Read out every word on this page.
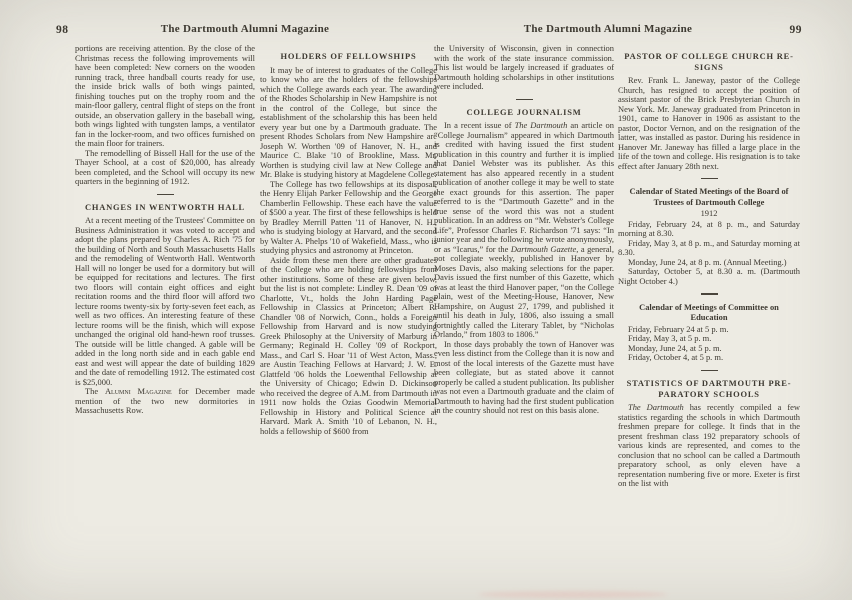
98	The Dartmouth Alumni Magazine	The Dartmouth Alumni Magazine	99
portions are receiving attention. By the close of the Christmas recess the following improvements will have been completed: New corners on the wooden running track, three handball courts ready for use, the inside brick walls of both wings painted, finishing touches put on the trophy room and the main-floor gallery, central flight of steps on the front outside, an observation gallery in the baseball wing, both wings lighted with tungsten lamps, a ventilator fan in the locker-room, and two offices furnished on the main floor for trainers.
The remodelling of Bissell Hall for the use of the Thayer School, at a cost of $20,000, has already been completed, and the School will occupy its new quarters in the beginning of 1912.
CHANGES IN WENTWORTH HALL
At a recent meeting of the Trustees' Committee on Business Administration it was voted to accept and adopt the plans prepared by Charles A. Rich '75 for the building of North and South Massachusetts Halls and the remodeling of Wentworth Hall. Wentworth Hall will no longer be used for a dormitory but will be equipped for recitations and lectures. The first two floors will contain eight offices and eight recitation rooms and the third floor will afford two lecture rooms twenty-six by forty-seven feet each, as well as two offices. An interesting feature of these lecture rooms will be the finish, which will expose unchanged the original old hand-hewn roof trusses. The outside will be little changed. A gable will be added in the long north side and in each gable end east and west will appear the date of building 1829 and the date of remodelling 1912. The estimated cost is $25,000.
The Alumni Magazine for December made mention of the two new dormitories in Massachusetts Row.
HOLDERS OF FELLOWSHIPS
It may be of interest to graduates of the College to know who are the holders of the fellowships which the College awards each year. The awarding of the Rhodes Scholarship in New Hampshire is not in the control of the College, but since the establishment of the scholarship this has been held every year but one by a Dartmouth graduate. The present Rhodes Scholars from New Hampshire are Joseph W. Worthen '09 of Hanover, N. H., and Maurice C. Blake '10 of Brookline, Mass. Mr. Worthen is studying civil law at New College and Mr. Blake is studying history at Magdelene College.
The College has two fellowships at its disposal, the Henry Elijah Parker Fellowship and the George Chamberlin Fellowship. These each have the value of $500 a year. The first of these fellowships is held by Bradley Merrill Patten '11 of Hanover, N. H., who is studying biology at Harvard, and the second by Walter A. Phelps '10 of Wakefield, Mass., who is studying physics and astronomy at Princeton.
Aside from these men there are other graduates of the College who are holding fellowships from other institutions. Some of these are given below, but the list is not complete: Lindley R. Dean '09 of Charlotte, Vt., holds the John Harding Page Fellowship in Classics at Princeton; Albert R. Chandler '08 of Norwich, Conn., holds a Foreign Fellowship from Harvard and is now studying Greek Philosophy at the University of Marburg in Germany; Reginald H. Colley '09 of Rockport, Mass., and Carl S. Hoar '11 of West Acton, Mass., are Austin Teaching Fellows at Harvard; J. W. E. Glattfeld '06 holds the Loewenthal Fellowship at the University of Chicago; Edwin D. Dickinson who received the degree of A.M. from Dartmouth in 1911 now holds the Ozias Goodwin Memorial Fellowship in History and Political Science at Harvard. Mark A. Smith '10 of Lebanon, N. H., holds a fellowship of $600 from
the University of Wisconsin, given in connection with the work of the state insurance commission. This list would be largely increased if graduates of Dartmouth holding scholarships in other institutions were included.
COLLEGE JOURNALISM
In a recent issue of The Dartmouth an article on “College Journalism” appeared in which Dartmouth is credited with having issued the first student publication in this country and further it is implied that Daniel Webster was its publisher. As this statement has also appeared recently in a student publication of another college it may be well to state the exact grounds for this assertion. The paper referred to is the “Dartmouth Gazette” and in the true sense of the word this was not a student publication. In an address on “Mr. Webster's College Life”, Professor Charles F. Richardson '71 says: “In junior year and the following he wrote anonymously, or as “Icarus,” for the Dartmouth Gazette, a general, not collegiate weekly, published in Hanover by Moses Davis, also making selections for the paper. Davis issued the first number of this Gazette, which was at least the third Hanover paper, “on the College plain, west of the Meeting-House, Hanover, New Hampshire, on August 27, 1799, and published it until his death in July, 1806, also issuing a small fortnightly called the Literary Tablet, by “Nicholas Orlando,” from 1803 to 1806.”
In those days probably the town of Hanover was even less distinct from the College than it is now and most of the local interests of the Gazette must have been collegiate, but as stated above it cannot properly be called a student publication. Its publisher was not even a Dartmouth graduate and the claim of Dartmouth to having had the first student publication in the country should not rest on this basis alone.
PASTOR OF COLLEGE CHURCH RE-SIGNS
Rev. Frank L. Janeway, pastor of the College Church, has resigned to accept the position of assistant pastor of the Brick Presbyterian Church in New York. Mr. Janeway graduated from Princeton in 1901, came to Hanover in 1906 as assistant to the pastor, Doctor Vernon, and on the resignation of the latter, was installed as pastor. During his residence in Hanover Mr. Janeway has filled a large place in the life of the town and college. His resignation is to take effect after January 28th next.
Calendar of Stated Meetings of the Board of Trustees of Dartmouth College
1912
Friday, February 24, at 8 p. m., and Saturday morning at 8.30.
Friday, May 3, at 8 p. m., and Saturday morning at 8.30.
Monday, June 24, at 8 p. m. (Annual Meeting.)
Saturday, October 5, at 8.30 a. m. (Dartmouth Night October 4.)
Calendar of Meetings of Committee on Education
Friday, February 24 at 5 p. m.
Friday, May 3, at 5 p. m.
Monday, June 24, at 5 p. m.
Friday, October 4, at 5 p. m.
STATISTICS OF DARTMOUTH PRE-PARATORY SCHOOLS
The Dartmouth has recently compiled a few statistics regarding the schools in which Dartmouth freshmen prepare for college. It finds that in the present freshman class 192 preparatory schools of various kinds are represented, and comes to the conclusion that no school can be called a Dartmouth preparatory school, as only eleven have a representation numbering five or more. Exeter is first on the list with
